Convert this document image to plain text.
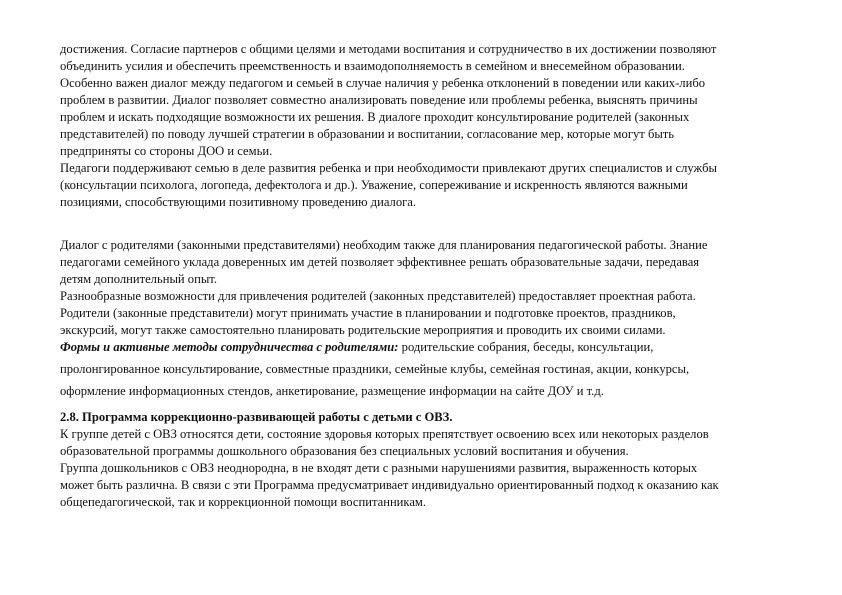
достижения. Согласие партнеров с общими целями и методами воспитания и сотрудничество в их достижении позволяют
объединить усилия и обеспечить преемственность и взаимодополняемость в семейном и внесемейном образовании.
Особенно важен диалог между педагогом и семьей в случае наличия у ребенка отклонений в поведении или каких-либо
проблем в развитии. Диалог позволяет совместно анализировать поведение или проблемы ребенка, выяснять причины
проблем и искать подходящие возможности их решения. В диалоге проходит консультирование родителей (законных
представителей) по поводу лучшей стратегии в образовании и воспитании, согласование мер, которые могут быть
предприняты со стороны ДОО и семьи.
Педагоги поддерживают семью в деле развития ребенка и при необходимости привлекают других специалистов и службы
(консультации психолога, логопеда, дефектолога и др.). Уважение, сопереживание и искренность являются важными
позициями, способствующими позитивному проведению диалога.
Диалог с родителями (законными представителями) необходим также для планирования педагогической работы. Знание
педагогами семейного уклада доверенных им детей позволяет эффективнее решать образовательные задачи, передавая
детям дополнительный опыт.
Разнообразные возможности для привлечения родителей (законных представителей) предоставляет проектная работа.
Родители (законные представители) могут принимать участие в планировании и подготовке проектов, праздников,
экскурсий, могут также самостоятельно планировать родительские мероприятия и проводить их своими силами.
Формы и активные методы сотрудничества с родителями: родительские собрания, беседы, консультации,
пролонгированное консультирование, совместные праздники, семейные клубы, семейная гостиная, акции, конкурсы,
оформление информационных стендов, анкетирование, размещение информации на сайте ДОУ и т.д.
2.8. Программа коррекционно-развивающей работы с детьми с ОВЗ.
К группе детей с ОВЗ относятся дети, состояние здоровья которых препятствует освоению всех или некоторых разделов
образовательной программы дошкольного образования без специальных условий воспитания и обучения.
Группа дошкольников с ОВЗ неоднородна, в не входят дети с разными нарушениями развития, выраженность которых
может быть различна. В связи с эти Программа предусматривает индивидуально ориентированный подход к оказанию как
общепедагогической, так и коррекционной помощи воспитанникам.
